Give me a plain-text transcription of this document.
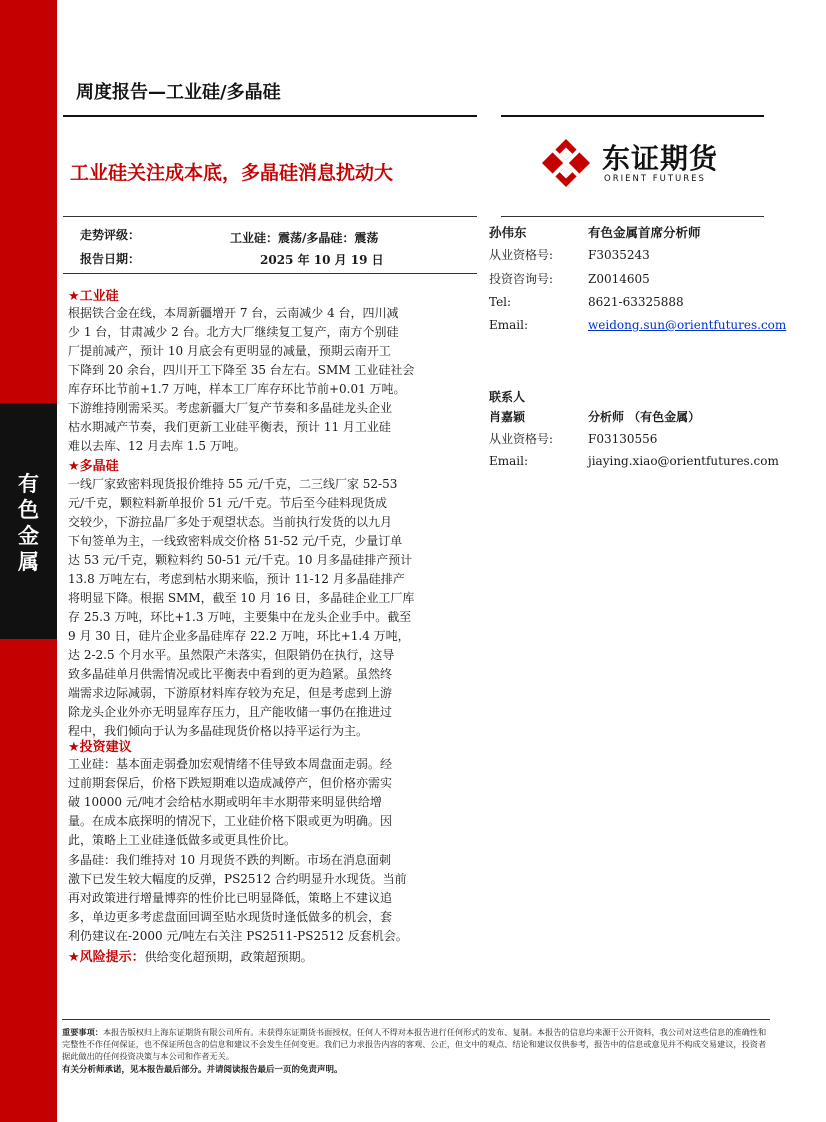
有
色
金
属
周度报告—工业硅/多晶硅
工业硅关注成本底，多晶硅消息扰动大	东证期货
ORIENT FUTURES
走势评级：	工业硅：震荡/多晶硅：震荡
报告日期：	2025 年 10 月 19 日
孙伟东	有色金属首席分析师
从业资格号:	F3035243
投资咨询号:	Z0014605
Tel:	8621-63325888
Email:	weidong.sun@orientfutures.com
联系人
肖嘉颖	分析师 （有色金属）
从业资格号:	F03130556
Email:	jiaying.xiao@orientfutures.com
★工业硅
根据铁合金在线，本周新疆增开 7 台，云南减少 4 台，四川减
少 1 台，甘肃减少 2 台。北方大厂继续复工复产，南方个别硅
厂提前减产，预计 10 月底会有更明显的减量，预期云南开工
下降到 20 余台，四川开工下降至 35 台左右。SMM 工业硅社会
库存环比节前+1.7 万吨，样本工厂库存环比节前+0.01 万吨。
下游维持刚需采买。考虑新疆大厂复产节奏和多晶硅龙头企业
枯水期减产节奏，我们更新工业硅平衡表，预计 11 月工业硅
难以去库、12 月去库 1.5 万吨。
★多晶硅
一线厂家致密料现货报价维持 55 元/千克，二三线厂家 52-53
元/千克，颗粒料新单报价 51 元/千克。节后至今硅料现货成
交较少，下游拉晶厂多处于观望状态。当前执行发货的以九月
下旬签单为主，一线致密料成交价格 51-52 元/千克，少量订单
达 53 元/千克，颗粒料约 50-51 元/千克。10 月多晶硅排产预计
13.8 万吨左右，考虑到枯水期来临，预计 11-12 月多晶硅排产
将明显下降。根据 SMM，截至 10 月 16 日，多晶硅企业工厂库
存 25.3 万吨，环比+1.3 万吨，主要集中在龙头企业手中。截至
9 月 30 日，硅片企业多晶硅库存 22.2 万吨，环比+1.4 万吨，
达 2-2.5 个月水平。虽然限产未落实，但限销仍在执行，这导
致多晶硅单月供需情况或比平衡表中看到的更为趋紧。虽然终
端需求边际减弱，下游原材料库存较为充足，但是考虑到上游
除龙头企业外亦无明显库存压力，且产能收储一事仍在推进过
程中，我们倾向于认为多晶硅现货价格以持平运行为主。
★投资建议
工业硅：基本面走弱叠加宏观情绪不佳导致本周盘面走弱。经
过前期套保后，价格下跌短期难以造成减停产，但价格亦需实
破 10000 元/吨才会给枯水期或明年丰水期带来明显供给增
量。在成本底探明的情况下，工业硅价格下限或更为明确。因
此，策略上工业硅逢低做多或更具性价比。
多晶硅：我们维持对 10 月现货不跌的判断。市场在消息面刺
激下已发生较大幅度的反弹，PS2512 合约明显升水现货。当前
再对政策进行增量博弈的性价比已明显降低，策略上不建议追
多，单边更多考虑盘面回调至贴水现货时逢低做多的机会，套
利仍建议在-2000 元/吨左右关注 PS2511-PS2512 反套机会。
★风险提示：供给变化超预期，政策超预期。
重要事项：本报告版权归上海东证期货有限公司所有。未获得东证期货书面授权，任何人不得对本报告进行任何形式的发布、复制。本报告的信息均来源于公开资料，我公司对这些信息的准确性和完整性不作任何保证，也不保证所包含的信息和建议不会发生任何变更。我们已力求报告内容的客观、公正，但文中的观点、结论和建议仅供参考，报告中的信息或意见并不构成交易建议，投资者据此做出的任何投资决策与本公司和作者无关。
有关分析师承诺，见本报告最后部分。并请阅读报告最后一页的免责声明。
